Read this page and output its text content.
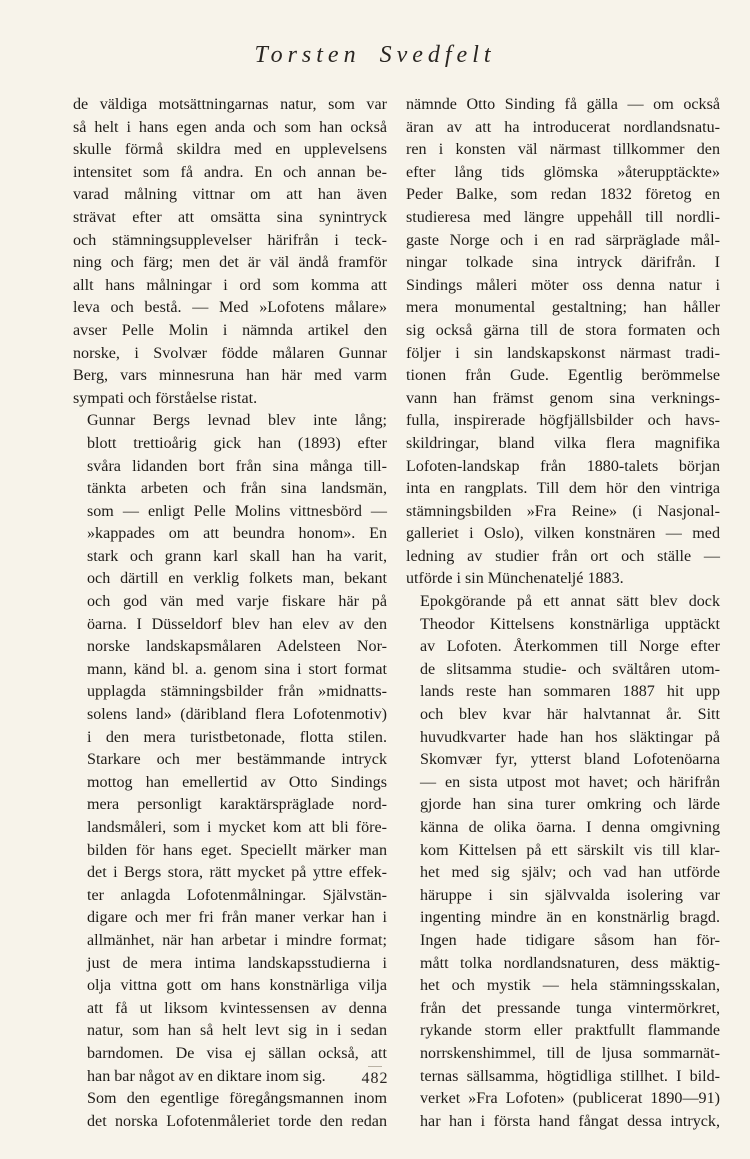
Torsten Svedfelt

de väldiga motsättningarnas natur, som var
så helt i hans egen anda och som han också
skulle förmå skildra med en upplevelsens
intensitet som få andra. En och annan be-
varad målning vittnar om att han även
strävat efter att omsätta sina synintryck
och stämningsupplevelser härifrån i teck-
ning och färg; men det är väl ändå framför
allt hans målningar i ord som komma att
leva och bestå. — Med »Lofotens målare»
avser Pelle Molin i nämnda artikel den
norske, i Svolvær födde målaren Gunnar
Berg, vars minnesruna han här med varm
sympati och förståelse ristat.

Gunnar Bergs levnad blev inte lång;
blott trettioårig gick han (1893) efter
svåra lidanden bort från sina många till-
tänkta arbeten och från sina landsmän,
som — enligt Pelle Molins vittnesbörd —
»kappades om att beundra honom». En
stark och grann karl skall han ha varit,
och därtill en verklig folkets man, bekant
och god vän med varje fiskare här på
öarna. I Düsseldorf blev han elev av den
norske landskapsmålaren Adelsteen Nor-
mann, känd bl. a. genom sina i stort format
upplagda stämningsbilder från »midnatts-
solens land» (däribland flera Lofotenmotiv)
i den mera turistbetonade, flotta stilen.
Starkare och mer bestämmande intryck
mottog han emellertid av Otto Sindings
mera personligt karaktärspräglade nord-
landsmåleri, som i mycket kom att bli före-
bilden för hans eget. Speciellt märker man
det i Bergs stora, rätt mycket på yttre effek-
ter anlagda Lofotenmålningar. Självstän-
digare och mer fri från maner verkar han i
allmänhet, när han arbetar i mindre format;
just de mera intima landskapsstudierna i
olja vittna gott om hans konstnärliga vilja
att få ut liksom kvintessensen av denna
natur, som han så helt levt sig in i sedan
barndomen. De visa ej sällan också, att
han bar något av en diktare inom sig.

Som den egentlige föregångsmannen inom
det norska Lofotenmåleriet torde den redan

nämnde Otto Sinding få gälla — om också
äran av att ha introducerat nordlandsnatu-
ren i konsten väl närmast tillkommer den
efter lång tids glömska »återupptäckte»
Peder Balke, som redan 1832 företog en
studieresa med längre uppehåll till nordli-
gaste Norge och i en rad särpräglade mål-
ningar tolkade sina intryck därifrån. I
Sindings måleri möter oss denna natur i
mera monumental gestaltning; han håller
sig också gärna till de stora formaten och
följer i sin landskapskonst närmast tradi-
tionen från Gude. Egentlig berömmelse
vann han främst genom sina verknings-
fulla, inspirerade högfjällsbilder och havs-
skildringar, bland vilka flera magnifika
Lofoten-landskap från 1880-talets början
inta en rangplats. Till dem hör den vintriga
stämningsbilden »Fra Reine» (i Nasjonal-
galleriet i Oslo), vilken konstnären — med
ledning av studier från ort och ställe —
utförde i sin Münchenatelјé 1883.

Epokgörande på ett annat sätt blev dock
Theodor Kittelsens konstnärliga upptäckt
av Lofoten. Återkommen till Norge efter
de slitsamma studie- och svältåren utom-
lands reste han sommaren 1887 hit upp
och blev kvar här halvtannat år. Sitt
huvudkvarter hade han hos släktingar på
Skomvær fyr, ytterst bland Lofotenöarna
— en sista utpost mot havet; och härifrån
gjorde han sina turer omkring och lärde
känna de olika öarna. I denna omgivning
kom Kittelsen på ett särskilt vis till klar-
het med sig själv; och vad han utförde
häruppe i sin självvalda isolering var
ingenting mindre än en konstnärlig bragd.
Ingen hade tidigare såsom han för-
mått tolka nordlandsnaturen, dess mäktig-
het och mystik — hela stämningsskalan,
från det pressande tunga vintermörkret,
rykande storm eller praktfullt flammande
norrskenshimmel, till de ljusa sommarnät-
ternas sällsamma, högtidliga stillhet. I bild-
verket »Fra Lofoten» (publicerat 1890—91)
har han i första hand fångat dessa intryck,

482
